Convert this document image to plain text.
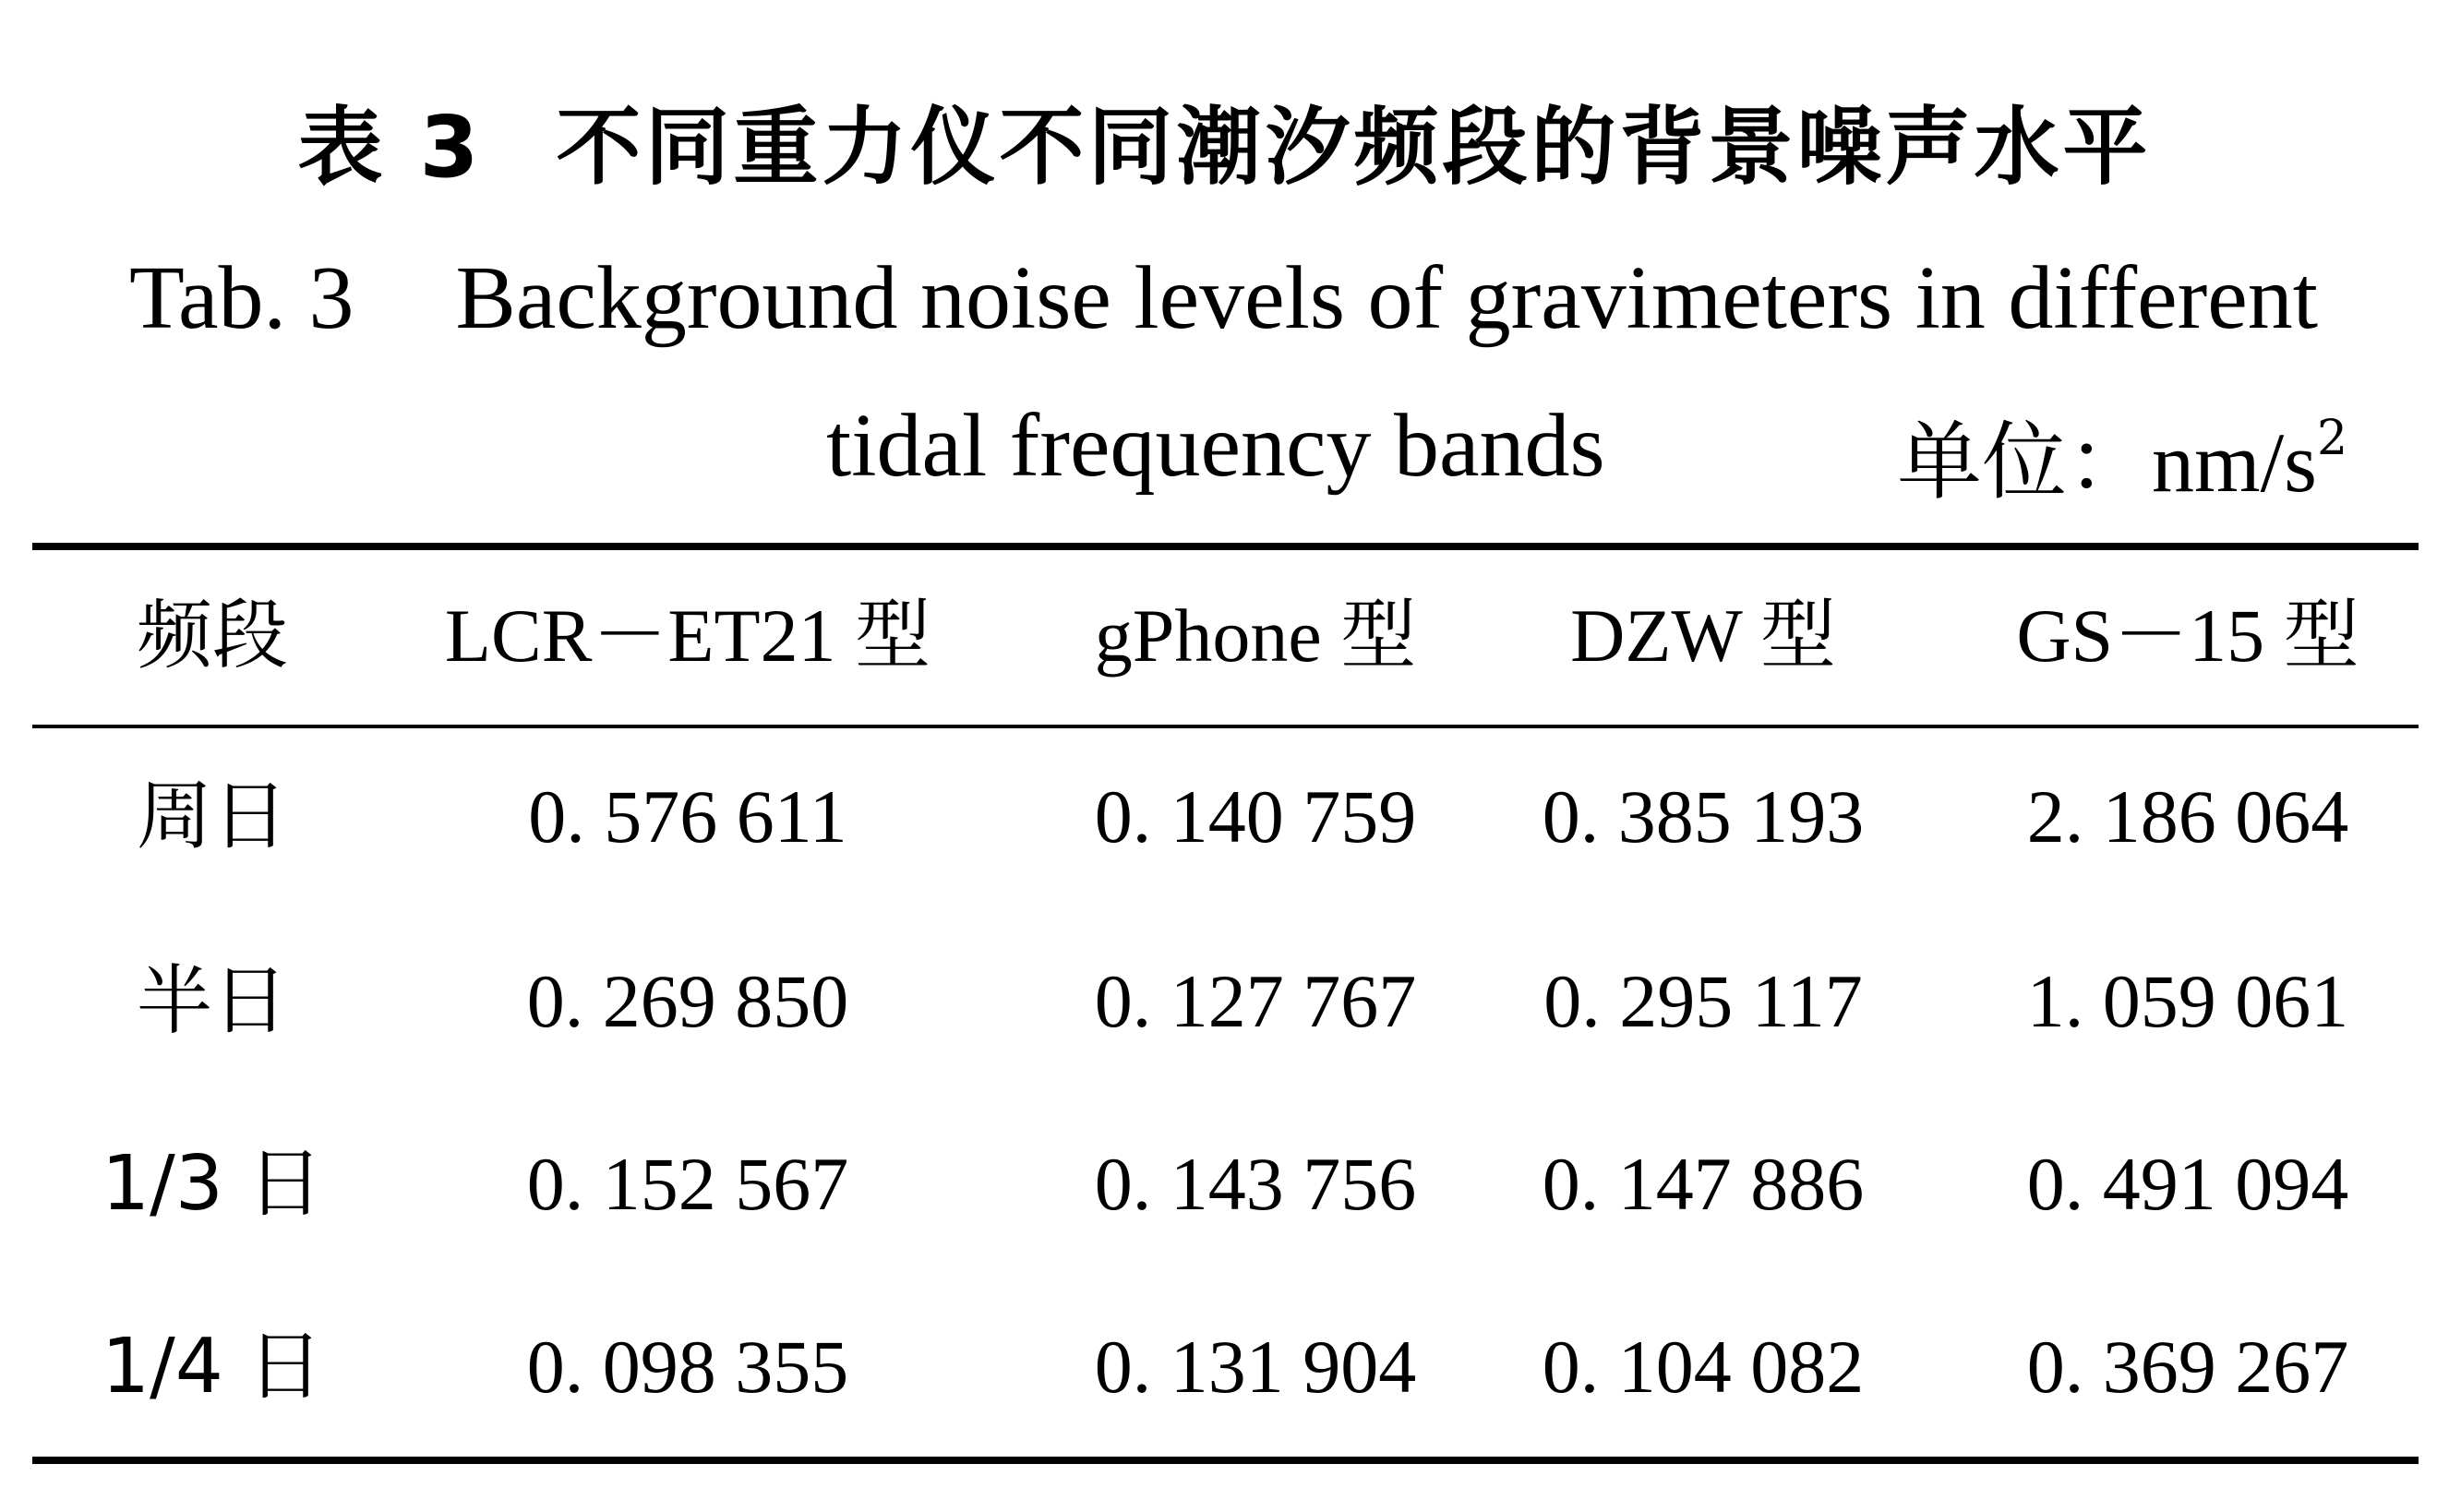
表 3 不同重力仪不同潮汐频段的背景噪声水平
Tab. 3 Background noise levels of gravimeters in different
tidal frequency bands	单位：$nm/s^2$
频段	LCR－ET21 型	gPhone 型	DZW 型	GS－15 型
周日	0. 576 611	0. 140 759	0. 385 193	2. 186 064
半日	0. 269 850	0. 127 767	0. 295 117	1. 059 061
1/3 日	0. 152 567	0. 143 756	0. 147 886	0. 491 094
1/4 日	0. 098 355	0. 131 904	0. 104 082	0. 369 267
